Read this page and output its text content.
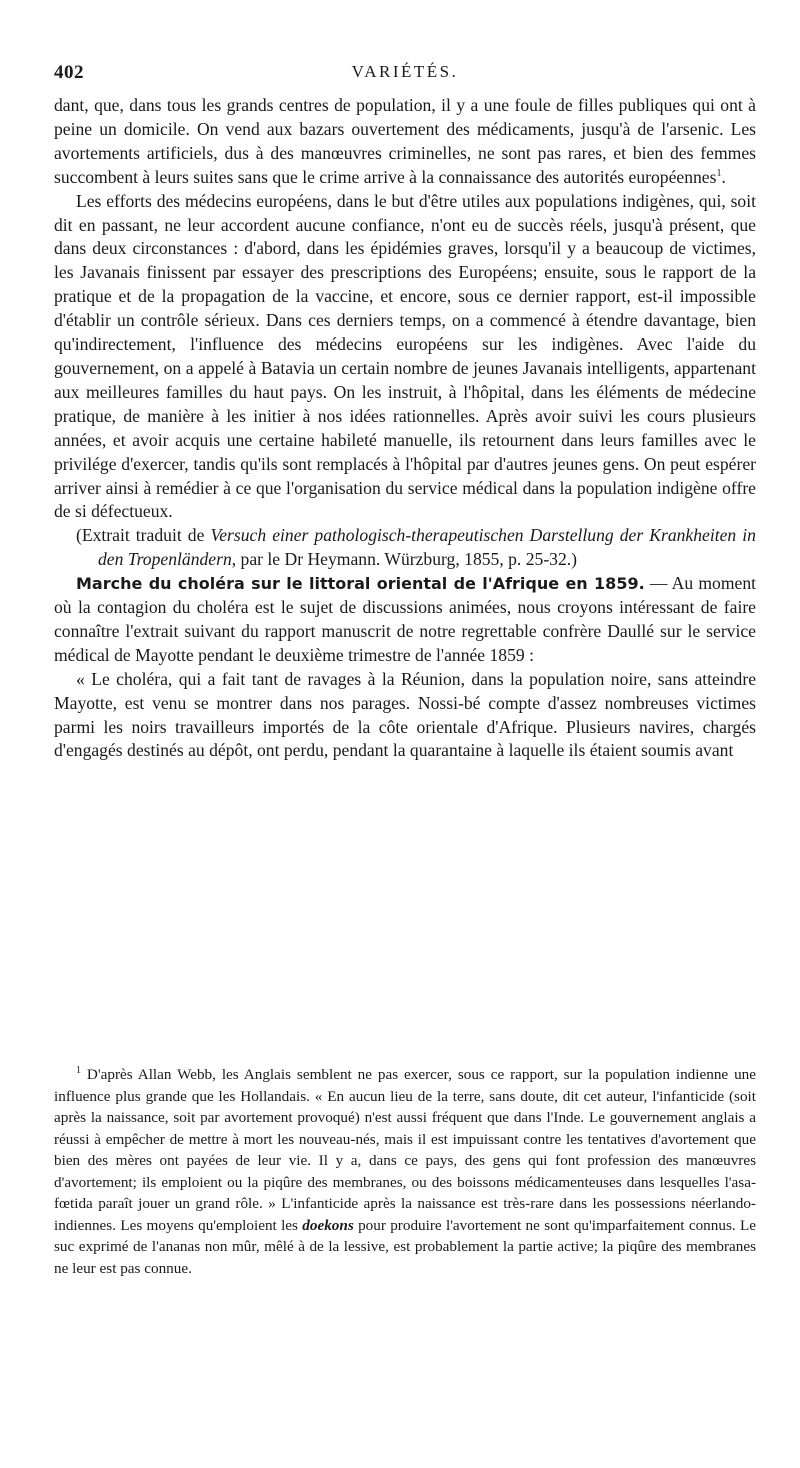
402	VARIÉTÉS.

dant, que, dans tous les grands centres de population, il y a une foule de filles publiques qui ont à peine un domicile. On vend aux bazars ouvertement des médicaments, jusqu'à de l'arsenic. Les avortements artificiels, dus à des manœuvres criminelles, ne sont pas rares, et bien des femmes succombent à leurs suites sans que le crime arrive à la connaissance des autorités européennes$^1$.

Les efforts des médecins européens, dans le but d'être utiles aux populations indigènes, qui, soit dit en passant, ne leur accordent aucune confiance, n'ont eu de succès réels, jusqu'à présent, que dans deux circonstances : d'abord, dans les épidémies graves, lorsqu'il y a beaucoup de victimes, les Javanais finissent par essayer des prescriptions des Européens; ensuite, sous le rapport de la pratique et de la propagation de la vaccine, et encore, sous ce dernier rapport, est-il impossible d'établir un contrôle sérieux. Dans ces derniers temps, on a commencé à étendre davantage, bien qu'indirectement, l'influence des médecins européens sur les indigènes. Avec l'aide du gouvernement, on a appelé à Batavia un certain nombre de jeunes Javanais intelligents, appartenant aux meilleures familles du haut pays. On les instruit, à l'hôpital, dans les éléments de médecine pratique, de manière à les initier à nos idées rationnelles. Après avoir suivi les cours plusieurs années, et avoir acquis une certaine habileté manuelle, ils retournent dans leurs familles avec le privilége d'exercer, tandis qu'ils sont remplacés à l'hôpital par d'autres jeunes gens. On peut espérer arriver ainsi à remédier à ce que l'organisation du service médical dans la population indigène offre de si défectueux.

(Extrait traduit de Versuch einer pathologisch-therapeutischen Darstellung der Krankheiten in den Tropenländern, par le Dr Heymann. Würzburg, 1855, p. 25-32.)

Marche du choléra sur le littoral oriental de l'Afrique en 1859. — Au moment où la contagion du choléra est le sujet de discussions animées, nous croyons intéressant de faire connaître l'extrait suivant du rapport manuscrit de notre regrettable confrère Daullé sur le service médical de Mayotte pendant le deuxième trimestre de l'année 1859 :

« Le choléra, qui a fait tant de ravages à la Réunion, dans la population noire, sans atteindre Mayotte, est venu se montrer dans nos parages. Nossi-bé compte d'assez nombreuses victimes parmi les noirs travailleurs importés de la côte orientale d'Afrique. Plusieurs navires, chargés d'engagés destinés au dépôt, ont perdu, pendant la quarantaine à laquelle ils étaient soumis avant

$^1$ D'après Allan Webb, les Anglais semblent ne pas exercer, sous ce rapport, sur la population indienne une influence plus grande que les Hollandais. « En aucun lieu de la terre, sans doute, dit cet auteur, l'infanticide (soit après la naissance, soit par avortement provoqué) n'est aussi fréquent que dans l'Inde. Le gouvernement anglais a réussi à empêcher de mettre à mort les nouveau-nés, mais il est impuissant contre les tentatives d'avortement que bien des mères ont payées de leur vie. Il y a, dans ce pays, des gens qui font profession des manœuvres d'avortement; ils emploient ou la piqûre des membranes, ou des boissons médicamenteuses dans lesquelles l'asa-fœtida paraît jouer un grand rôle. » L'infanticide après la naissance est très-rare dans les possessions néerlando-indiennes. Les moyens qu'emploient les doekons pour produire l'avortement ne sont qu'imparfaitement connus. Le suc exprimé de l'ananas non mûr, mêlé à de la lessive, est probablement la partie active; la piqûre des membranes ne leur est pas connue.
